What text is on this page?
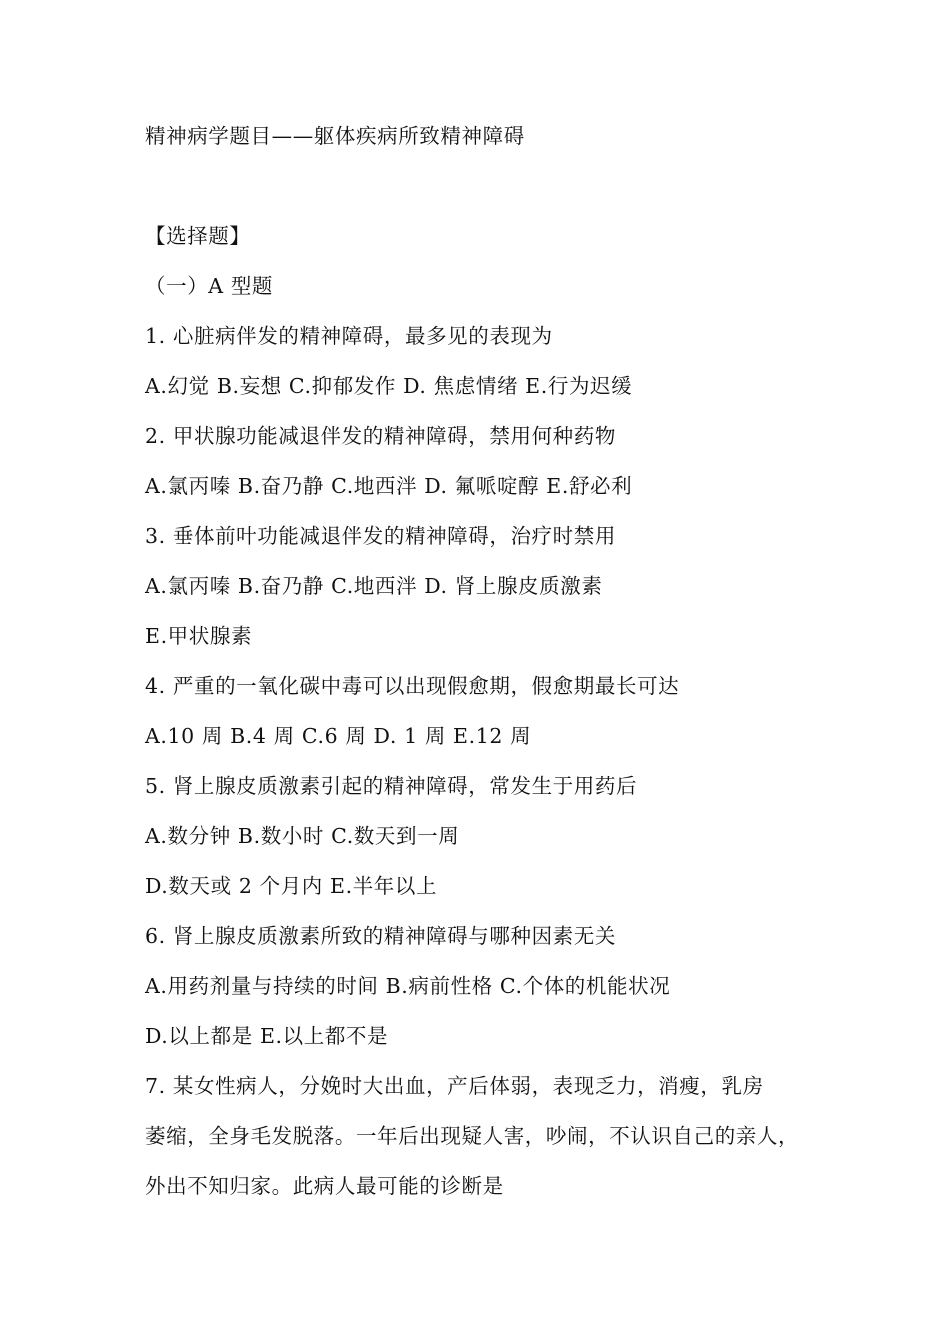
精神病学题目——躯体疾病所致精神障碍
【选择题】
（一）A 型题
1. 心脏病伴发的精神障碍，最多见的表现为
A.幻觉 B.妄想 C.抑郁发作 D. 焦虑情绪 E.行为迟缓
2. 甲状腺功能减退伴发的精神障碍，禁用何种药物
A.氯丙嗪 B.奋乃静 C.地西泮 D. 氟哌啶醇 E.舒必利
3. 垂体前叶功能减退伴发的精神障碍，治疗时禁用
A.氯丙嗪 B.奋乃静 C.地西泮 D. 肾上腺皮质激素
E.甲状腺素
4. 严重的一氧化碳中毒可以出现假愈期，假愈期最长可达
A.10 周 B.4 周 C.6 周 D. 1 周 E.12 周
5. 肾上腺皮质激素引起的精神障碍，常发生于用药后
A.数分钟 B.数小时 C.数天到一周
D.数天或 2 个月内 E.半年以上
6. 肾上腺皮质激素所致的精神障碍与哪种因素无关
A.用药剂量与持续的时间 B.病前性格 C.个体的机能状况
D.以上都是 E.以上都不是
7. 某女性病人，分娩时大出血，产后体弱，表现乏力，消瘦，乳房
萎缩，全身毛发脱落。一年后出现疑人害，吵闹，不认识自己的亲人，
外出不知归家。此病人最可能的诊断是
